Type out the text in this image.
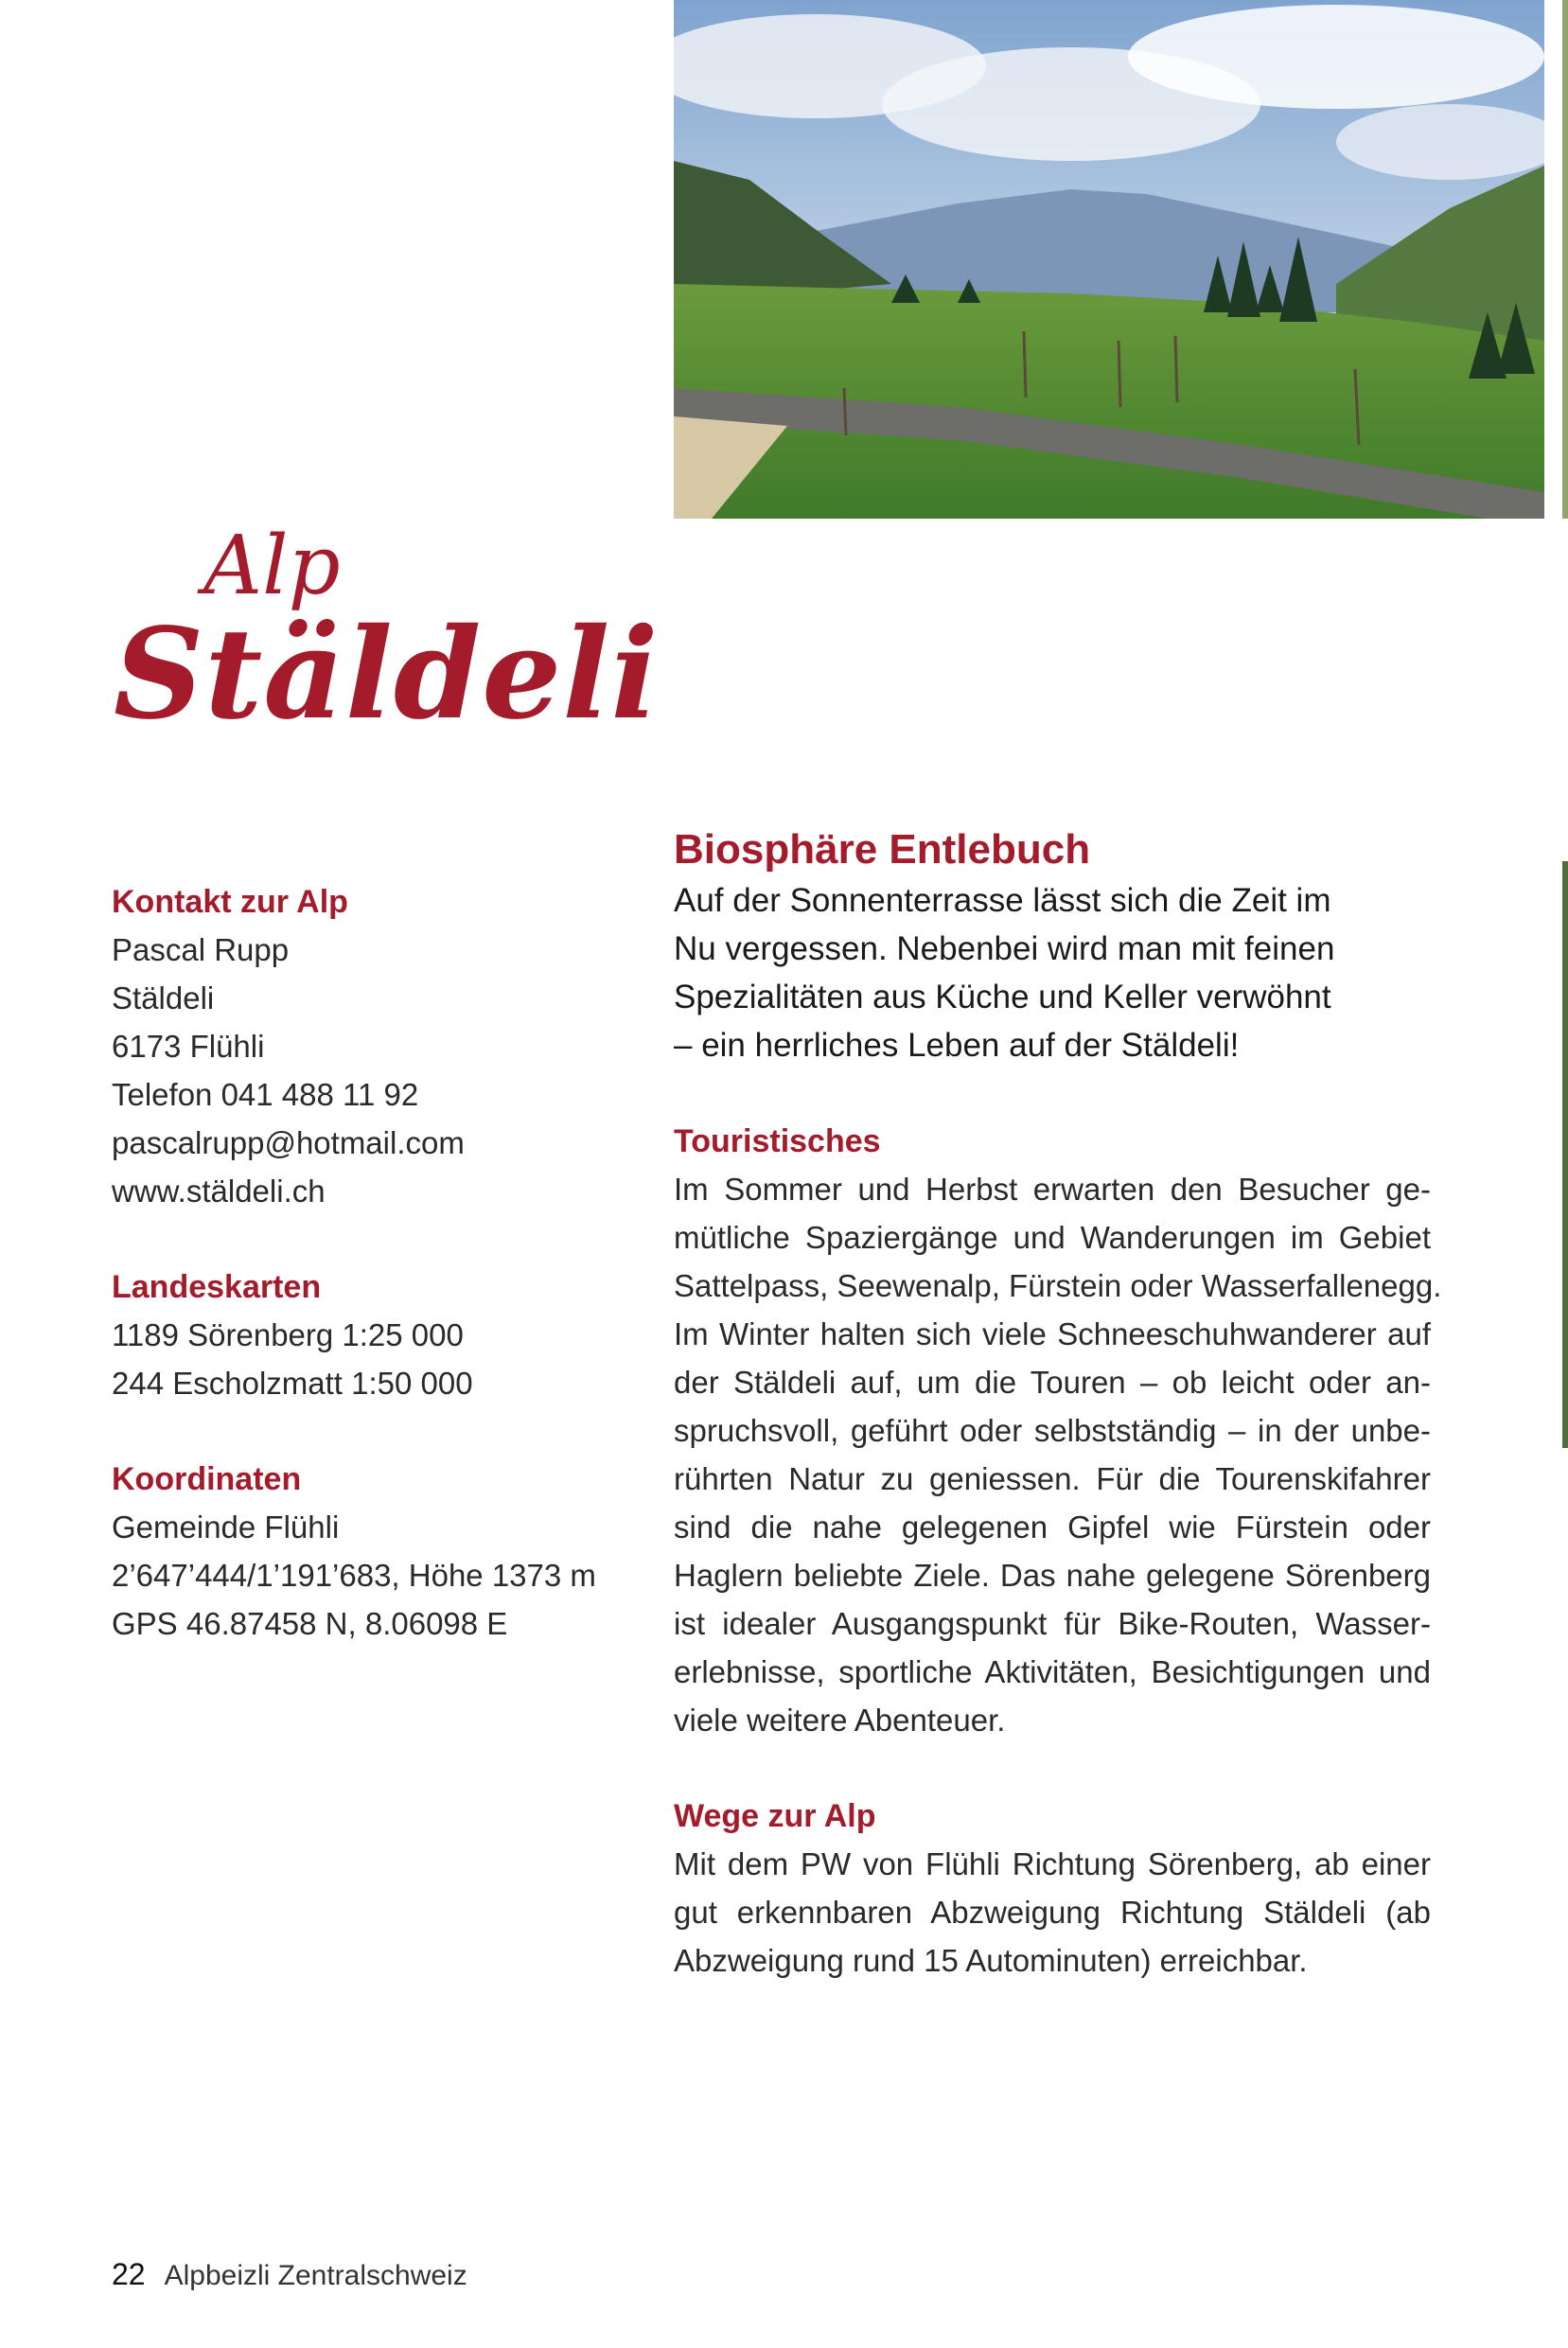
Alp
Stäldeli

Kontakt zur Alp

Pascal Rupp

Stäldeli

6173 Flühli

Telefon 041 488 11 92

pascalrupp@hotmail.com

www.stäldeli.ch

Landeskarten

1189 Sörenberg 1:25 000

244 Escholzmatt 1:50 000

Koordinaten

Gemeinde Flühli

2’647’444/1’191’683, Höhe 1373 m

GPS 46.87458 N, 8.06098 E

Biosphäre Entlebuch

Auf der Sonnenterrasse lässt sich die Zeit im

Nu vergessen. Nebenbei wird man mit feinen

Spezialitäten aus Küche und Keller verwöhnt

– ein herrliches Leben auf der Stäldeli!

Touristisches

Im Sommer und Herbst erwarten den Besucher ge-

mütliche Spaziergänge und Wanderungen im Gebiet

Sattelpass, Seewenalp, Fürstein oder Wasserfallenegg.

Im Winter halten sich viele Schneeschuhwanderer auf

der Stäldeli auf, um die Touren – ob leicht oder an-

spruchsvoll, geführt oder selbstständig – in der unbe-

rührten Natur zu geniessen. Für die Tourenskifahrer

sind die nahe gelegenen Gipfel wie Fürstein oder

Haglern beliebte Ziele. Das nahe gelegene Sörenberg

ist idealer Ausgangspunkt für Bike-Routen, Wasser-

erlebnisse, sportliche Aktivitäten, Besichtigungen und

viele weitere Abenteuer.

Wege zur Alp

Mit dem PW von Flühli Richtung Sörenberg, ab einer

gut erkennbaren Abzweigung Richtung Stäldeli (ab

Abzweigung rund 15 Autominuten) erreichbar.

22 Alpbeizli Zentralschweiz
